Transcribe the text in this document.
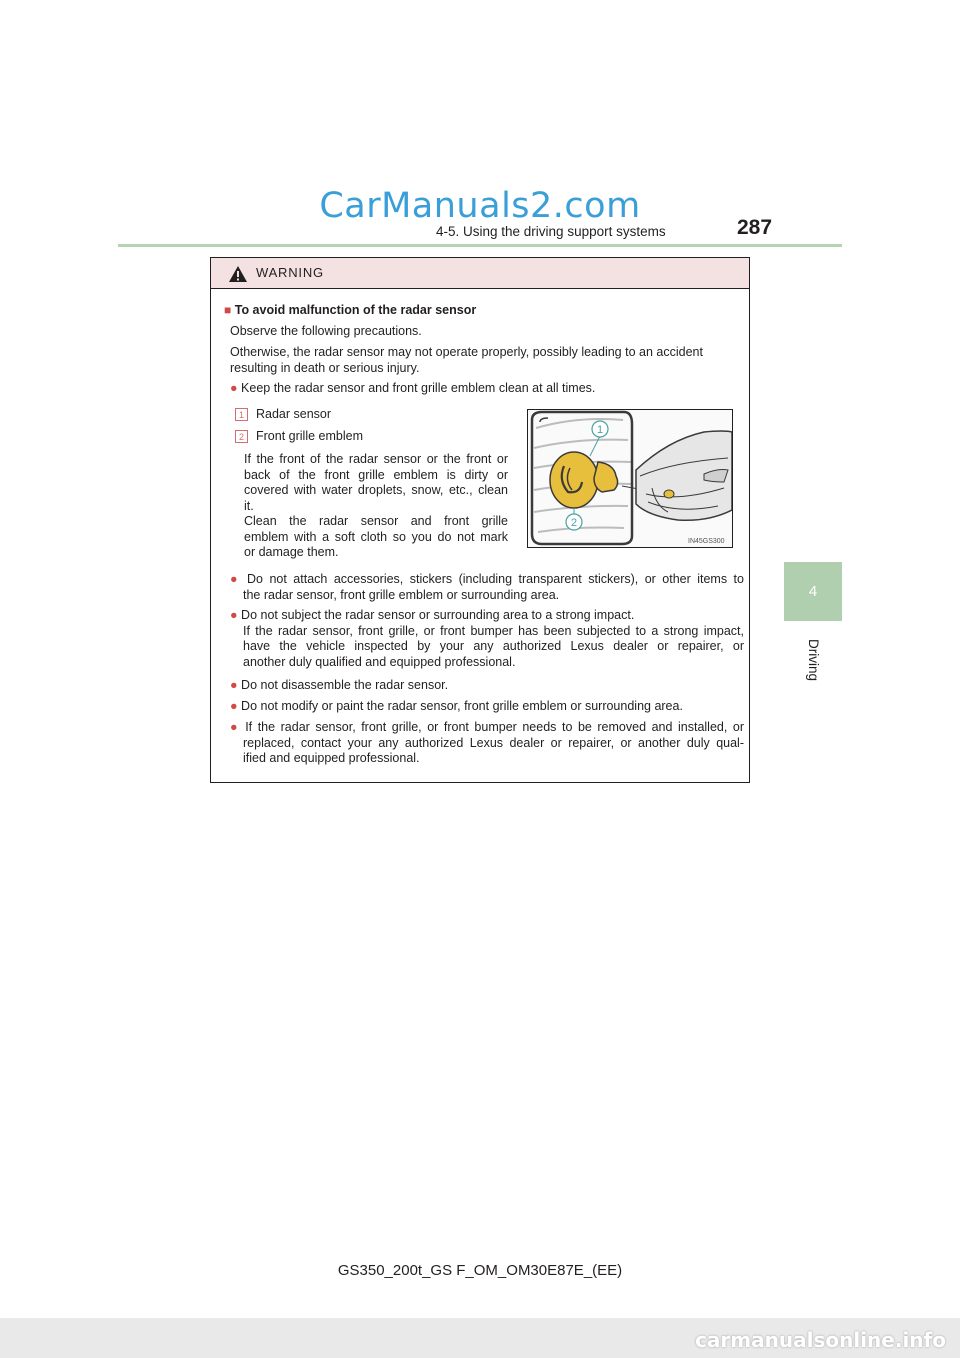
CarManuals2.com
4-5. Using the driving support systems	287
4
Driving
WARNING
■ To avoid malfunction of the radar sensor
Observe the following precautions.
Otherwise, the radar sensor may not operate properly, possibly leading to an accident
resulting in death or serious injury.
● Keep the radar sensor and front grille emblem clean at all times.
1 Radar sensor
2 Front grille emblem
If the front of the radar sensor or the front or
back of the front grille emblem is dirty or
covered with water droplets, snow, etc., clean
it.
Clean the radar sensor and front grille
emblem with a soft cloth so you do not mark
or damage them.
1
2
IN45GS300
● Do not attach accessories, stickers (including transparent stickers), or other items to
the radar sensor, front grille emblem or surrounding area.
● Do not subject the radar sensor or surrounding area to a strong impact.
If the radar sensor, front grille, or front bumper has been subjected to a strong impact,
have the vehicle inspected by your any authorized Lexus dealer or repairer, or
another duly qualified and equipped professional.
● Do not disassemble the radar sensor.
● Do not modify or paint the radar sensor, front grille emblem or surrounding area.
● If the radar sensor, front grille, or front bumper needs to be removed and installed, or
replaced, contact your any authorized Lexus dealer or repairer, or another duly qual-
ified and equipped professional.
GS350_200t_GS F_OM_OM30E87E_(EE)
carmanualsonline.info
